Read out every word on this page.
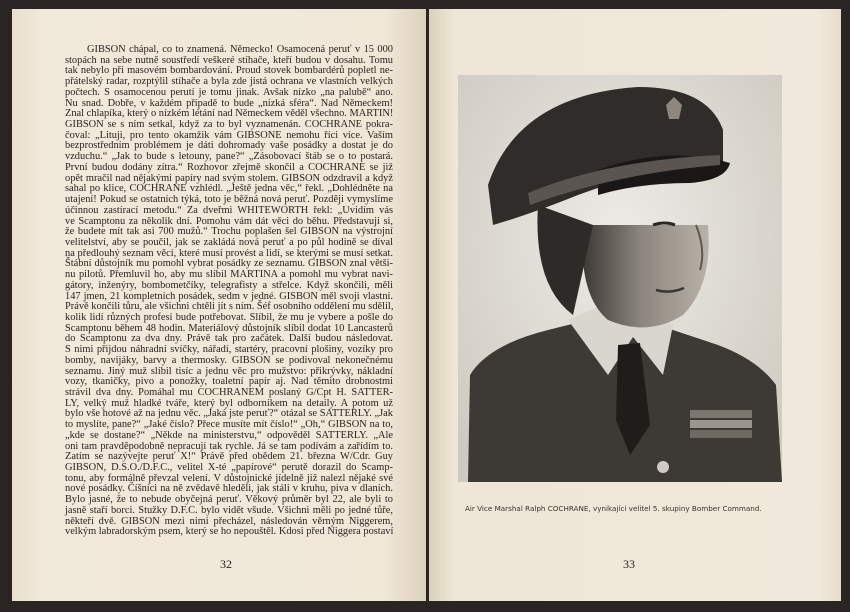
GIBSON chápal, co to znamená. Německo! Osamocená peruť v 15 000
stopách na sebe nutně soustředí veškeré stíhače, kteří budou v dosahu. Tomu
tak nebylo při masovém bombardování. Proud stovek bombardérů popletl ne-
přátelský radar, rozptýlil stíhače a byla zde jistá ochrana ve vlastních velkých
počtech. S osamocenou perutí je tomu jinak. Avšak nízko „na palubě“ ano.
Nu snad. Dobře, v každém případě to bude „nízká sféra“. Nad Německem!
Znal chlapíka, který o nízkém létání nad Německem věděl všechno. MARTIN!
GIBSON se s ním setkal, když za to byl vyznamenán. COCHRANE pokra-
čoval: „Lituji, pro tento okamžik vám GIBSONE nemohu říci více. Vaším
bezprostředním problémem je dáti dohromady vaše posádky a dostat je do
vzduchu.“ „Jak to bude s letouny, pane?“ „Zásobovací štáb se o to postará.
První budou dodány zítra.“ Rozhovor zřejmě skončil a COCHRANE se již
opět mračil nad nějakými papíry nad svým stolem. GIBSON odzdravil a když
sahal po klice, COCHRANE vzhlédl. „Ještě jedna věc,“ řekl. „Dohlédněte na
utajení! Pokud se ostatních týká, toto je běžná nová peruť. Později vymyslíme
účinnou zastírací metodu.“ Za dveřmi WHITEWORTH řekl: „Uvidím vás
ve Scamptonu za několik dní. Pomohu vám dát věci do běhu. Představuji si,
že budete mít tak asi 700 mužů.“ Trochu poplašen šel GIBSON na výstrojní
velitelství, aby se poučil, jak se zakládá nová peruť a po půl hodině se díval
na předlouhý seznam věcí, které musí provést a lidí, se kterými se musí setkat.
Štábní důstojník mu pomohl vybrat posádky ze seznamu. GIBSON znal větši-
nu pilotů. Přemluvil ho, aby mu slíbil MARTINA a pomohl mu vybrat navi-
gátory, inženýry, bombometčíky, telegrafisty a střelce. Když skončili, měli
147 jmen, 21 kompletních posádek, sedm v jedné. GISBON měl svoji vlastní.
Právě končili tůru, ale všichni chtěli jít s ním. Šéf osobního oddělení mu sdělil,
kolik lidí různých profesí bude potřebovat. Slíbil, že mu je vybere a pošle do
Scamptonu během 48 hodin. Materiálový důstojník slíbil dodat 10 Lancasterů
do Scamptonu za dva dny. Právě tak pro začátek. Další budou následovat.
S nimi přijdou náhradní svíčky, nářadí, startéry, pracovní plošiny, vozíky pro
bomby, navijáky, barvy a thermosky. GIBSON se podivoval nekonečnému
seznamu. Jiný muž slíbil tisíc a jednu věc pro mužstvo: přikrývky, nákladní
vozy, tkaničky, pivo a ponožky, toaletní papír aj. Nad těmito drobnostmi
strávil dva dny. Pomáhal mu COCHRANEM poslaný G/Cpt H. SATTER-
LY, velký muž hladké tváře, který byl odborníkem na detaily. A potom už
bylo vše hotové až na jednu věc. „Jaká jste peruť?“ otázal se SATTERLY. „Jak
to myslíte, pane?“ „Jaké číslo? Přece musíte mít číslo!“ „Oh,“ GIBSON na to,
„kde se dostane?“ „Někde na ministerstvu,“ odpověděl SATTERLY. „Ale
oni tam pravděpodobně nepracují tak rychle. Já se tam podívám a zařídím to.
Zatím se nazývejte peruť X!“ Právě před obědem 21. března W/Cdr. Guy
GIBSON, D.S.O./D.F.C., velitel X-té „papírové“ perutě dorazil do Scamp-
tonu, aby formálně převzal velení. V důstojnické jídelně již nalezl nějaké své
nové posádky. Číšníci na ně zvědavě hleděli, jak stáli v kruhu, piva v dlaních.
Bylo jasné, že to nebude obyčejná peruť. Věkový průměr byl 22, ale byli to
jasně staří borci. Stužky D.F.C. bylo vidět všude. Všichni měli po jedné tůře,
někteří dvě. GIBSON mezi nimi přecházel, následován věrným Niggerem,
velkým labradorským psem, který se ho nepouštěl. Kdosi před Niggera postaví
32
Air Vice Marshal Ralph COCHRANE, vynikající velitel 5. skupiny Bomber Command.
33
